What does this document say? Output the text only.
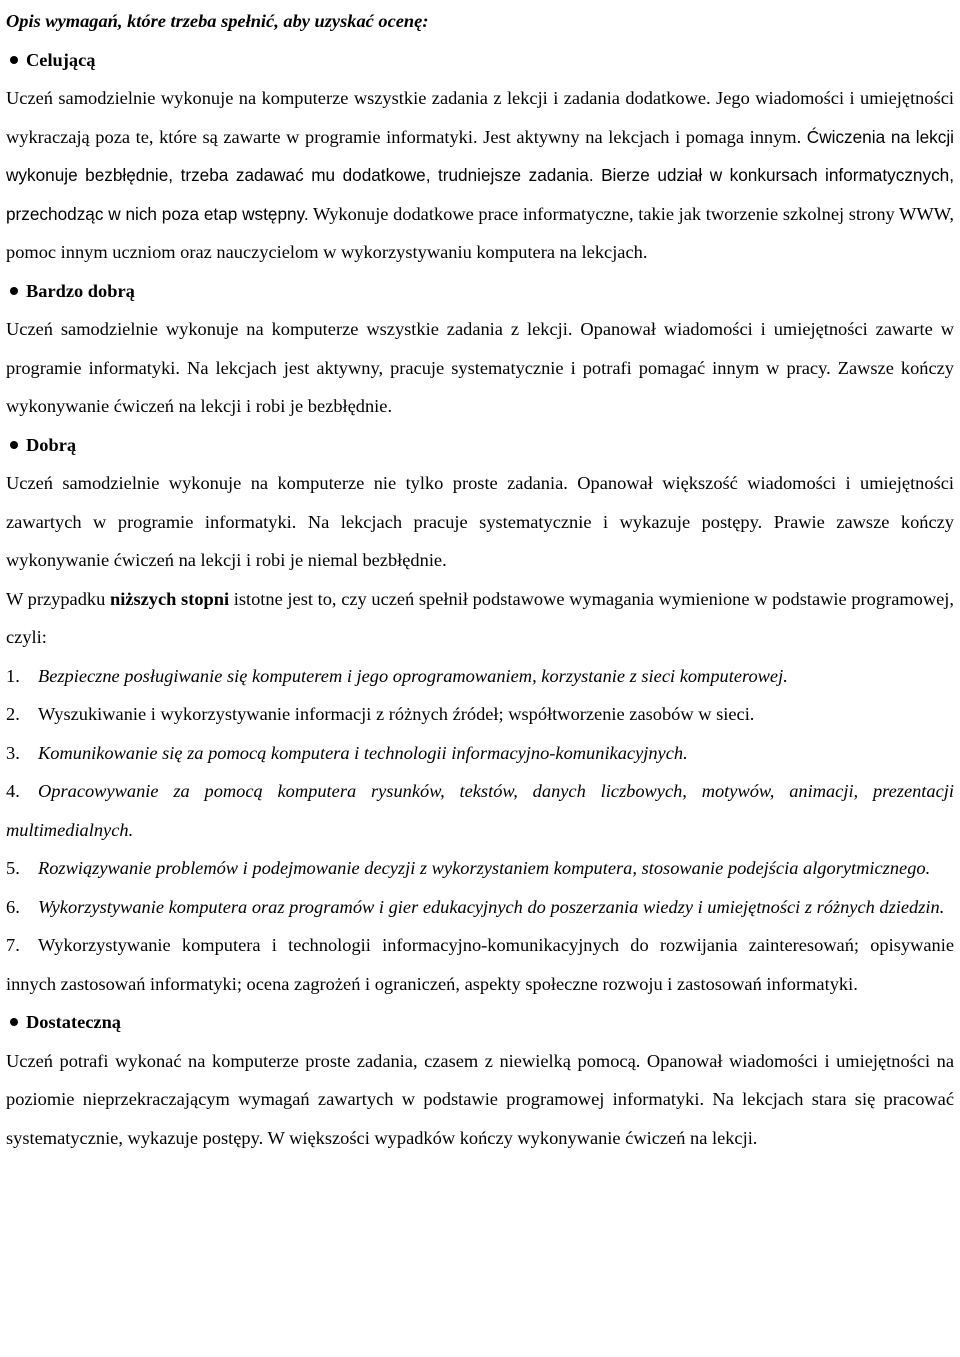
Opis wymagań, które trzeba spełnić, aby uzyskać ocenę:

Celującą

Uczeń samodzielnie wykonuje na komputerze wszystkie zadania z lekcji i zadania dodatkowe. Jego wiadomości i umiejętności wykraczają poza te, które są zawarte w programie informatyki. Jest aktywny na lekcjach i pomaga innym. Ćwiczenia na lekcji wykonuje bezbłędnie, trzeba zadawać mu dodatkowe, trudniejsze zadania. Bierze udział w konkursach informatycznych, przechodząc w nich poza etap wstępny. Wykonuje dodatkowe prace informatyczne, takie jak tworzenie szkolnej strony WWW, pomoc innym uczniom oraz nauczycielom w wykorzystywaniu komputera na lekcjach.

Bardzo dobrą

Uczeń samodzielnie wykonuje na komputerze wszystkie zadania z lekcji. Opanował wiadomości i umiejętności zawarte w programie informatyki. Na lekcjach jest aktywny, pracuje systematycznie i potrafi pomagać innym w pracy. Zawsze kończy wykonywanie ćwiczeń na lekcji i robi je bezbłędnie.

Dobrą

Uczeń samodzielnie wykonuje na komputerze nie tylko proste zadania. Opanował większość wiadomości i umiejętności zawartych w programie informatyki. Na lekcjach pracuje systematycznie i wykazuje postępy. Prawie zawsze kończy wykonywanie ćwiczeń na lekcji i robi je niemal bezbłędnie.

W przypadku niższych stopni istotne jest to, czy uczeń spełnił podstawowe wymagania wymienione w podstawie programowej, czyli:

1. Bezpieczne posługiwanie się komputerem i jego oprogramowaniem, korzystanie z sieci komputerowej.
2. Wyszukiwanie i wykorzystywanie informacji z różnych źródeł; współtworzenie zasobów w sieci.
3. Komunikowanie się za pomocą komputera i technologii informacyjno-komunikacyjnych.
4. Opracowywanie za pomocą komputera rysunków, tekstów, danych liczbowych, motywów, animacji, prezentacji multimedialnych.
5. Rozwiązywanie problemów i podejmowanie decyzji z wykorzystaniem komputera, stosowanie podejścia algorytmicznego.
6. Wykorzystywanie komputera oraz programów i gier edukacyjnych do poszerzania wiedzy i umiejętności z różnych dziedzin.
7. Wykorzystywanie komputera i technologii informacyjno-komunikacyjnych do rozwijania zainteresowań; opisywanie innych zastosowań informatyki; ocena zagrożeń i ograniczeń, aspekty społeczne rozwoju i zastosowań informatyki.

Dostateczną

Uczeń potrafi wykonać na komputerze proste zadania, czasem z niewielką pomocą. Opanował wiadomości i umiejętności na poziomie nieprzekraczającym wymagań zawartych w podstawie programowej informatyki. Na lekcjach stara się pracować systematycznie, wykazuje postępy. W większości wypadków kończy wykonywanie ćwiczeń na lekcji.
